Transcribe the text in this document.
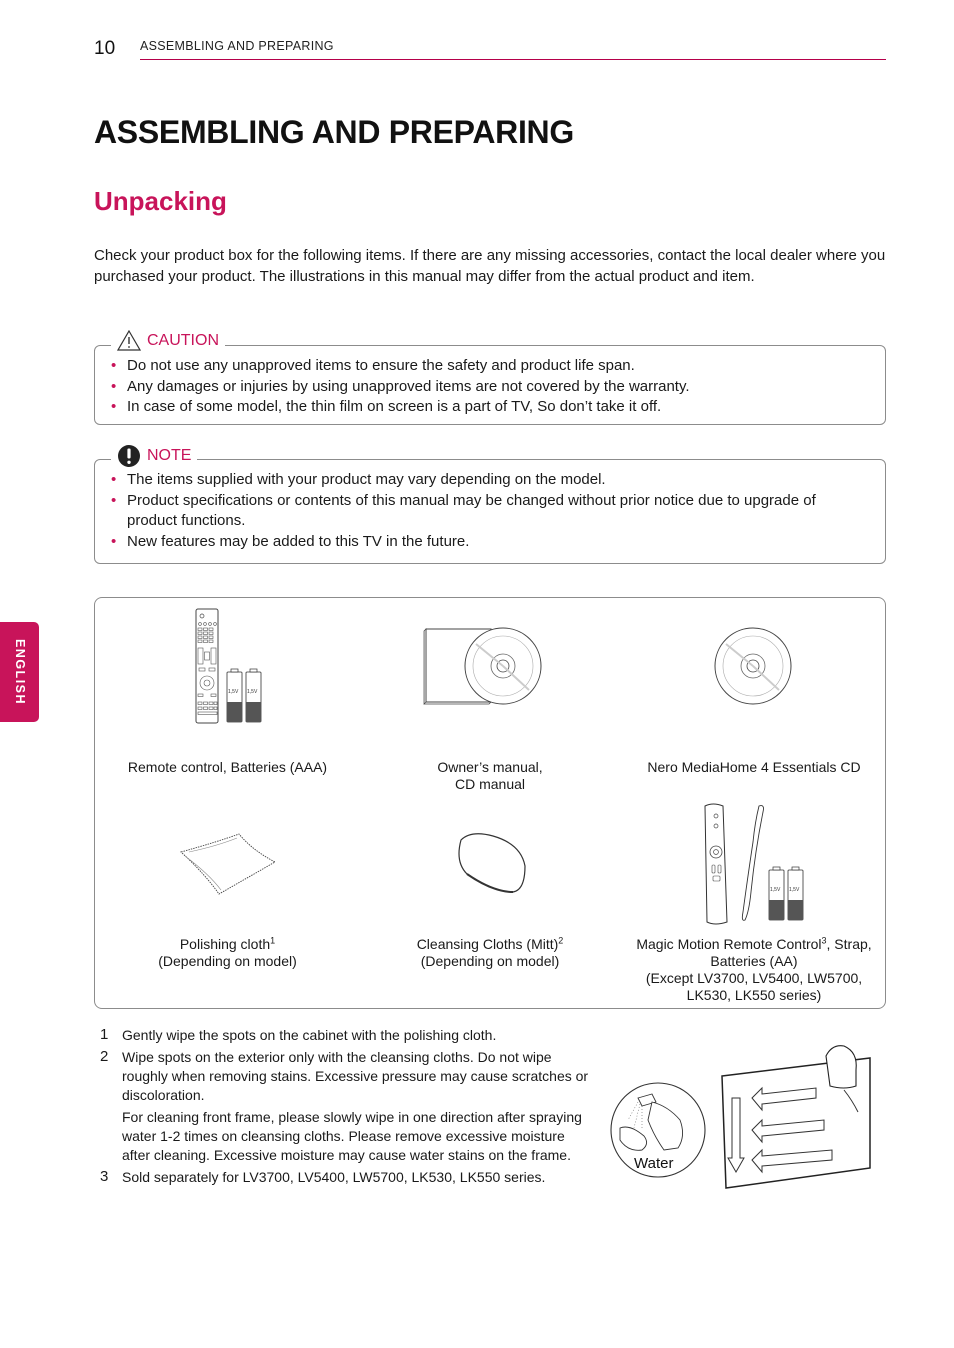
10 ASSEMBLING AND PREPARING
ASSEMBLING AND PREPARING
Unpacking

Check your product box for the following items. If there are any missing accessories, contact the local dealer where you purchased your product. The illustrations in this manual may differ from the actual product and item.

CAUTION
• Do not use any unapproved items to ensure the safety and product life span.
• Any damages or injuries by using unapproved items are not covered by the warranty.
• In case of some model, the thin film on screen is a part of TV, So don’t take it off.
NOTE
• The items supplied with your product may vary depending on the model.
• Product specifications or contents of this manual may be changed without prior notice due to upgrade of product functions.
• New features may be added to this TV in the future.
ENGLISH	1,5V 1,5V
Remote control, Batteries (AAA)	Owner’s manual,
CD manual
Nero MediaHome 4 Essentials CD
Polishing cloth$^1$
(Depending on model)
Cleansing Cloths (Mitt)$^2$
(Depending on model)
1,5V 1,5V
Magic Motion Remote Control$^3$, Strap,
Batteries (AA)
(Except LV3700, LV5400, LW5700,
LK530, LK550 series)
1 Gently wipe the spots on the cabinet with the polishing cloth.

2 Wipe spots on the exterior only with the cleansing cloths. Do not wipe roughly when removing stains. Excessive pressure may cause scratches or discoloration.

For cleaning front frame, please slowly wipe in one direction after spraying water 1-2 times on cleansing cloths. Please remove excessive moisture after cleaning. Excessive moisture may cause water stains on the frame.

3 Sold separately for LV3700, LV5400, LW5700, LK530, LK550 series.

Water
